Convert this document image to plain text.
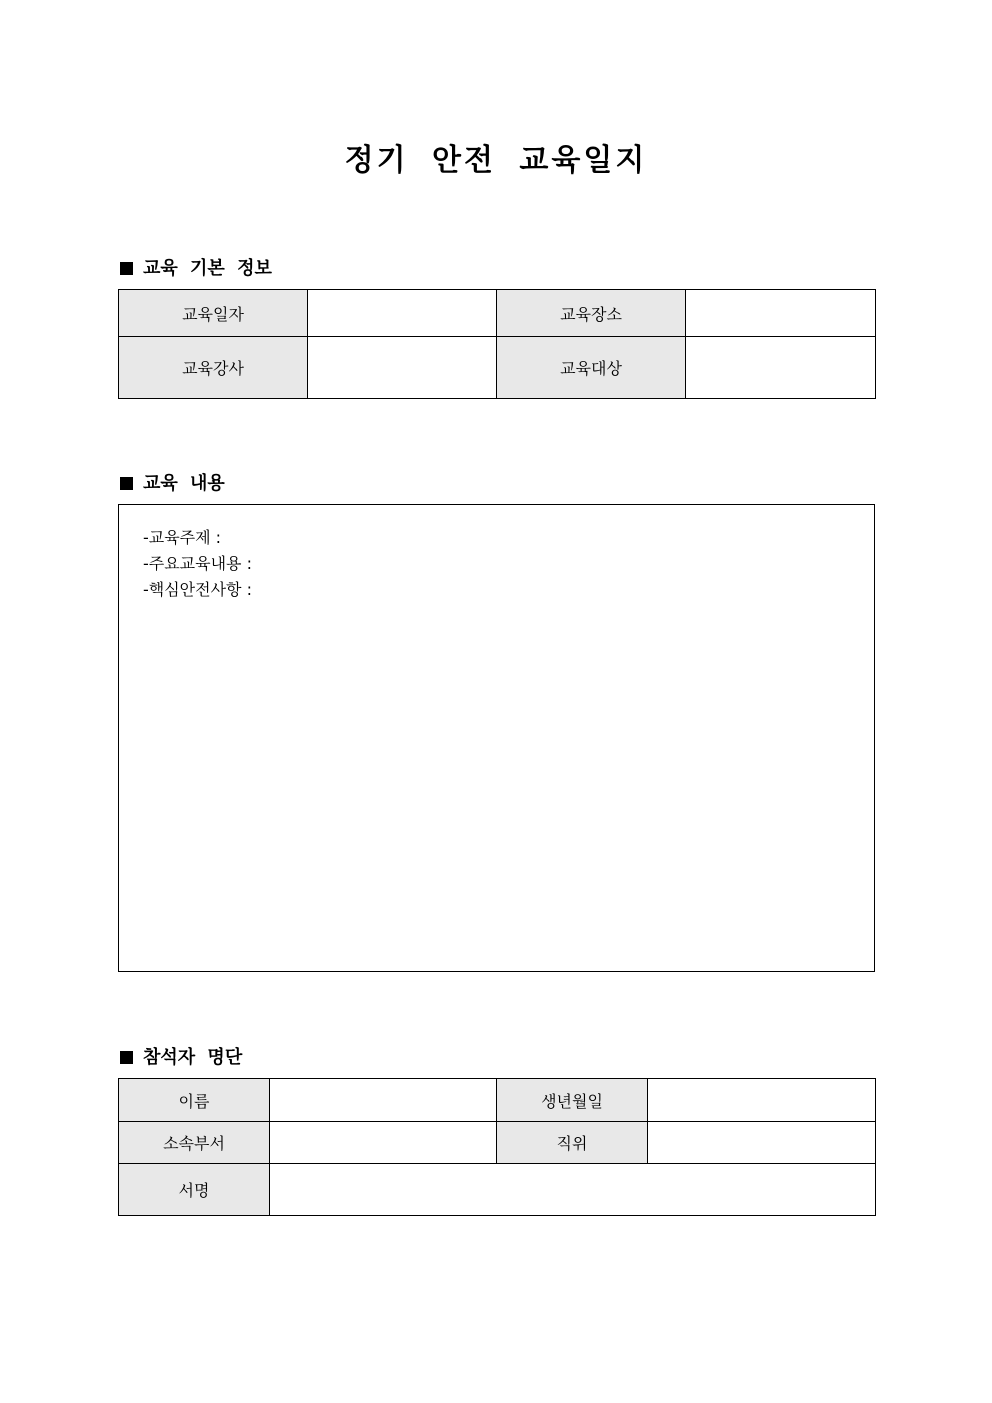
정기 안전 교육일지
교육 기본 정보
교육일자		교육장소	
교육강사		교육대상	
교육 내용
-교육주제 :
-주요교육내용 :
-핵심안전사항 :
참석자 명단
이름		생년월일	
소속부서		직위	
서명			
